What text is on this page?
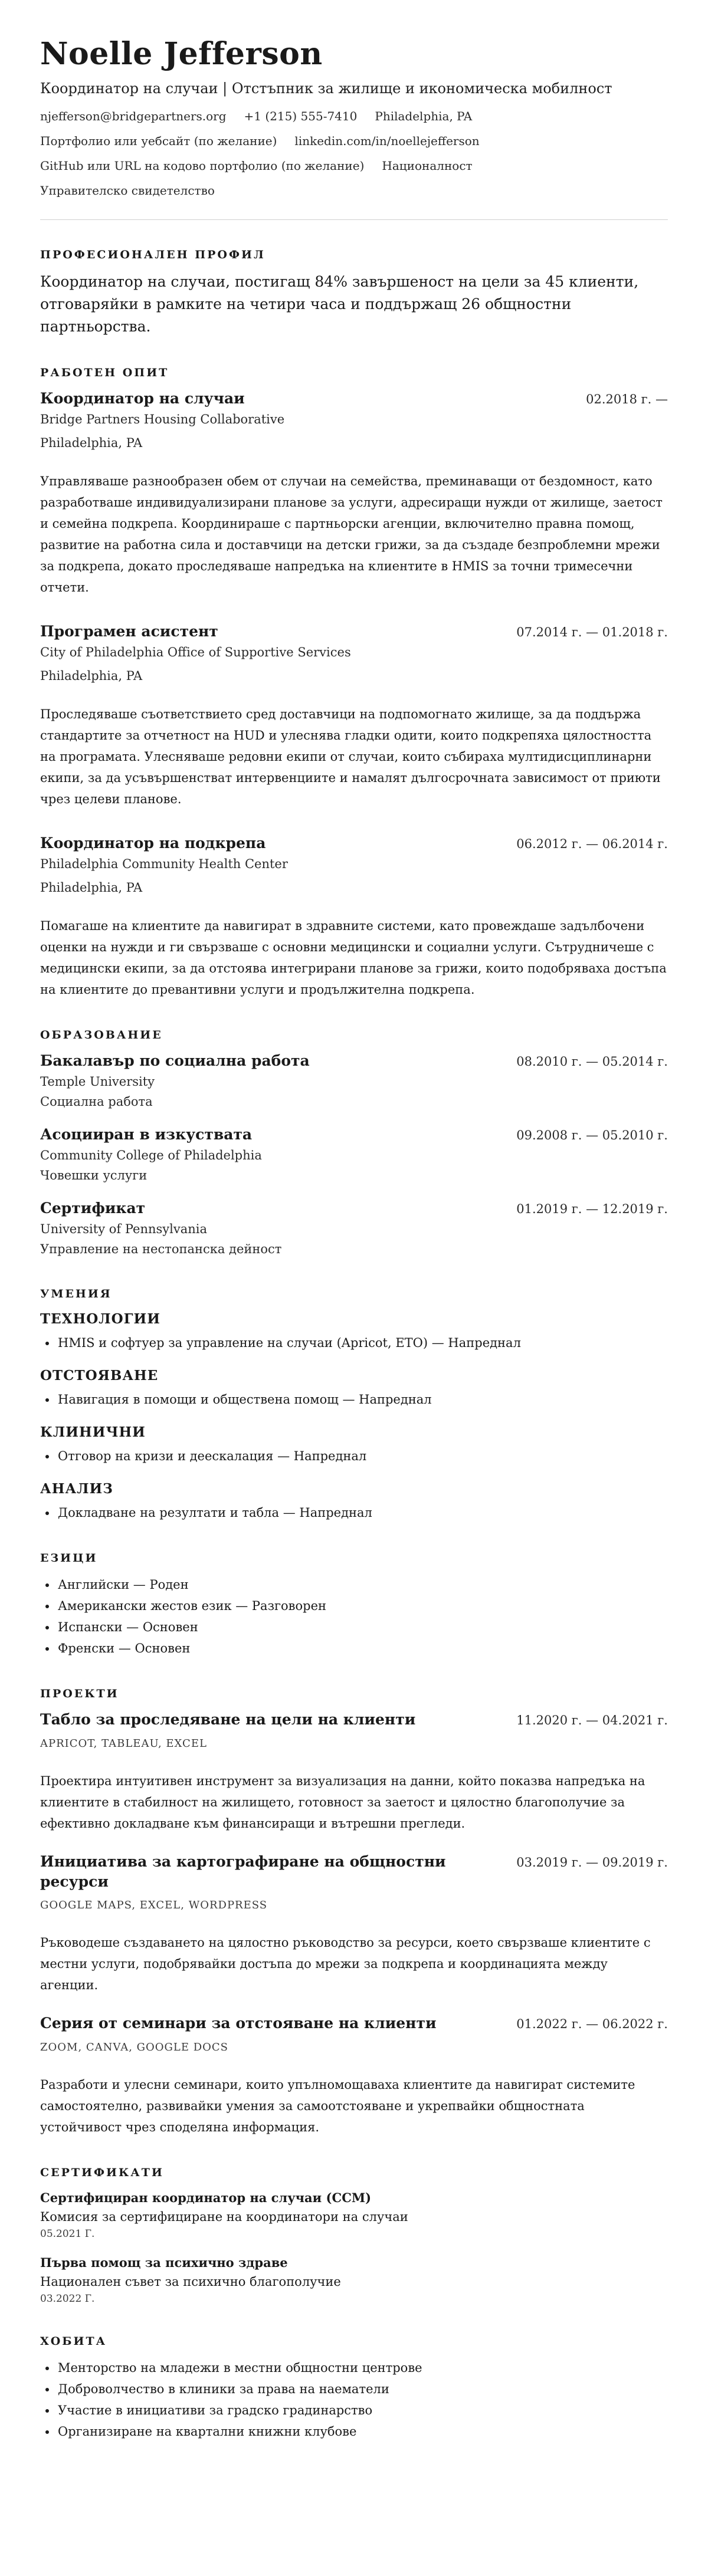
Noelle Jefferson
Координатор на случаи | Отстъпник за жилище и икономическа мобилност
njefferson@bridgepartners.org +1 (215) 555-7410 Philadelphia, PA
Портфолио или уебсайт (по желание) linkedin.com/in/noellejefferson
GitHub или URL на кодово портфолио (по желание) Националност
Управителско свидетелство
ПРОФЕСИОНАЛЕН ПРОФИЛ

Координатор на случаи, постигащ 84% завършеност на цели за 45 клиенти, отговаряйки в рамките на четири часа и поддържащ 26 общностни партньорства.

РАБОТЕН ОПИТ
Координатор на случаи	02.2018 г. —
Bridge Partners Housing Collaborative
Philadelphia, PA

Управляваше разнообразен обем от случаи на семейства, преминаващи от бездомност, като разработваше индивидуализирани планове за услуги, адресиращи нужди от жилище, заетост и семейна подкрепа. Координираше с партньорски агенции, включително правна помощ, развитие на работна сила и доставчици на детски грижи, за да създаде безпроблемни мрежи за подкрепа, докато проследяваше напредъка на клиентите в HMIS за точни тримесечни отчети.

Програмен асистент	07.2014 г. — 01.2018 г.
City of Philadelphia Office of Supportive Services
Philadelphia, PA

Проследяваше съответствието сред доставчици на подпомогнато жилище, за да поддържа стандартите за отчетност на HUD и улеснява гладки одити, които подкрепяха цялостността на програмата. Улесняваше редовни екипи от случаи, които събираха мултидисциплинарни екипи, за да усъвършенстват интервенциите и намалят дългосрочната зависимост от приюти чрез целеви планове.

Координатор на подкрепа	06.2012 г. — 06.2014 г.
Philadelphia Community Health Center
Philadelphia, PA

Помагаше на клиентите да навигират в здравните системи, като провеждаше задълбочени оценки на нужди и ги свързваше с основни медицински и социални услуги. Сътрудничеше с медицински екипи, за да отстоява интегрирани планове за грижи, които подобряваха достъпа на клиентите до превантивни услуги и продължителна подкрепа.

ОБРАЗОВАНИЕ
Бакалавър по социална работа	08.2010 г. — 05.2014 г.
Temple University
Социална работа
Асоцииран в изкуствата	09.2008 г. — 05.2010 г.
Community College of Philadelphia
Човешки услуги
Сертификат	01.2019 г. — 12.2019 г.
University of Pennsylvania
Управление на нестопанска дейност
УМЕНИЯ
ТЕХНОЛОГИИ
• HMIS и софтуер за управление на случаи (Apricot, ETO) — Напреднал
ОТСТОЯВАНЕ
• Навигация в помощи и обществена помощ — Напреднал
КЛИНИЧНИ
• Отговор на кризи и деескалация — Напреднал
АНАЛИЗ
• Докладване на резултати и табла — Напреднал
ЕЗИЦИ
• Английски — Роден
• Американски жестов език — Разговорен
• Испански — Основен
• Френски — Основен
ПРОЕКТИ
Табло за проследяване на цели на клиенти	11.2020 г. — 04.2021 г.
APRICOT, TABLEAU, EXCEL

Проектира интуитивен инструмент за визуализация на данни, който показва напредъка на клиентите в стабилност на жилището, готовност за заетост и цялостно благополучие за ефективно докладване към финансиращи и вътрешни прегледи.

Инициатива за картографиране на общностни ресурси
03.2019 г. — 09.2019 г.
GOOGLE MAPS, EXCEL, WORDPRESS

Ръководеше създаването на цялостно ръководство за ресурси, което свързваше клиентите с местни услуги, подобрявайки достъпа до мрежи за подкрепа и координацията между агенции.

Серия от семинари за отстояване на клиенти	01.2022 г. — 06.2022 г.
ZOOM, CANVA, GOOGLE DOCS

Разработи и улесни семинари, които упълномощаваха клиентите да навигират системите самостоятелно, развивайки умения за самоотстояване и укрепвайки общностната устойчивост чрез споделяна информация.

СЕРТИФИКАТИ
Сертифициран координатор на случаи (CCM)
Комисия за сертифициране на координатори на случаи
05.2021 Г.
Първа помощ за психично здраве
Национален съвет за психично благополучие
03.2022 Г.
ХОБИТА
• Менторство на младежи в местни общностни центрове
• Доброволчество в клиники за права на наематели
• Участие в инициативи за градско градинарство
• Организиране на квартални книжни клубове
